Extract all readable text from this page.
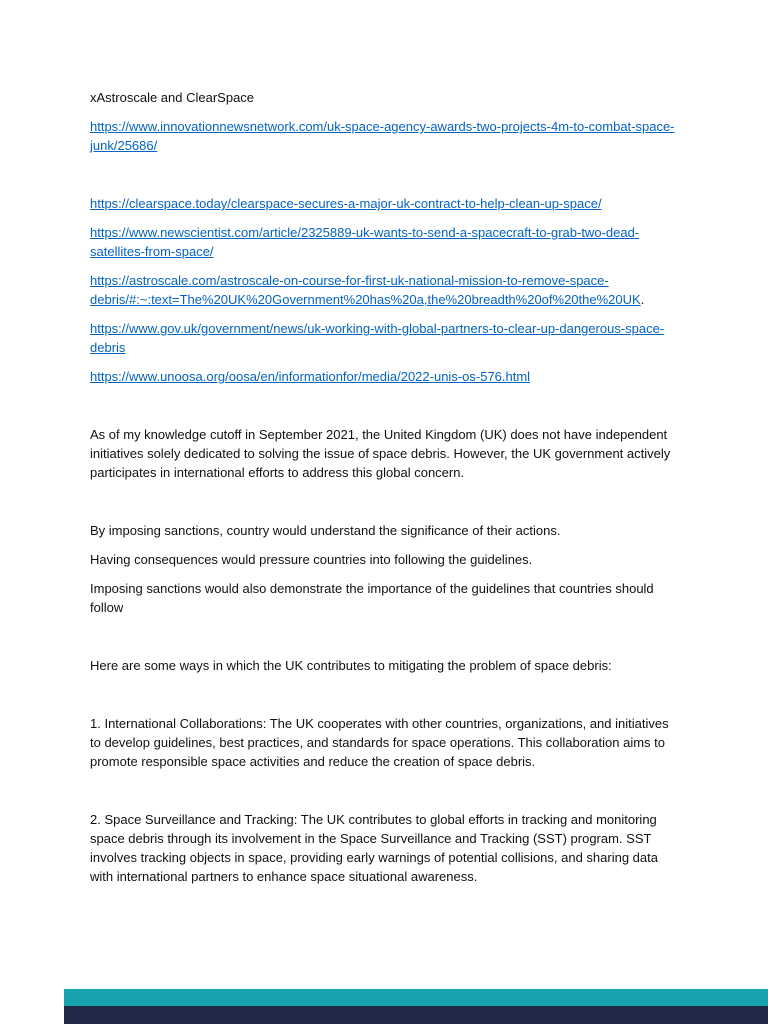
xAstroscale and ClearSpace

https://www.innovationnewsnetwork.com/uk-space-agency-awards-two-projects-4m-to-combat-space-junk/25686/

https://clearspace.today/clearspace-secures-a-major-uk-contract-to-help-clean-up-space/

https://www.newscientist.com/article/2325889-uk-wants-to-send-a-spacecraft-to-grab-two-dead-satellites-from-space/

https://astroscale.com/astroscale-on-course-for-first-uk-national-mission-to-remove-space-debris/#:~:text=The%20UK%20Government%20has%20a,the%20breadth%20of%20the%20UK.

https://www.gov.uk/government/news/uk-working-with-global-partners-to-clear-up-dangerous-space-debris

https://www.unoosa.org/oosa/en/informationfor/media/2022-unis-os-576.html

As of my knowledge cutoff in September 2021, the United Kingdom (UK) does not have independent initiatives solely dedicated to solving the issue of space debris. However, the UK government actively participates in international efforts to address this global concern.

By imposing sanctions, country would understand the significance of their actions.

Having consequences would pressure countries into following the guidelines.

Imposing sanctions would also demonstrate the importance of the guidelines that countries should follow

Here are some ways in which the UK contributes to mitigating the problem of space debris:

1. International Collaborations: The UK cooperates with other countries, organizations, and initiatives to develop guidelines, best practices, and standards for space operations. This collaboration aims to promote responsible space activities and reduce the creation of space debris.

2. Space Surveillance and Tracking: The UK contributes to global efforts in tracking and monitoring space debris through its involvement in the Space Surveillance and Tracking (SST) program. SST involves tracking objects in space, providing early warnings of potential collisions, and sharing data with international partners to enhance space situational awareness.
